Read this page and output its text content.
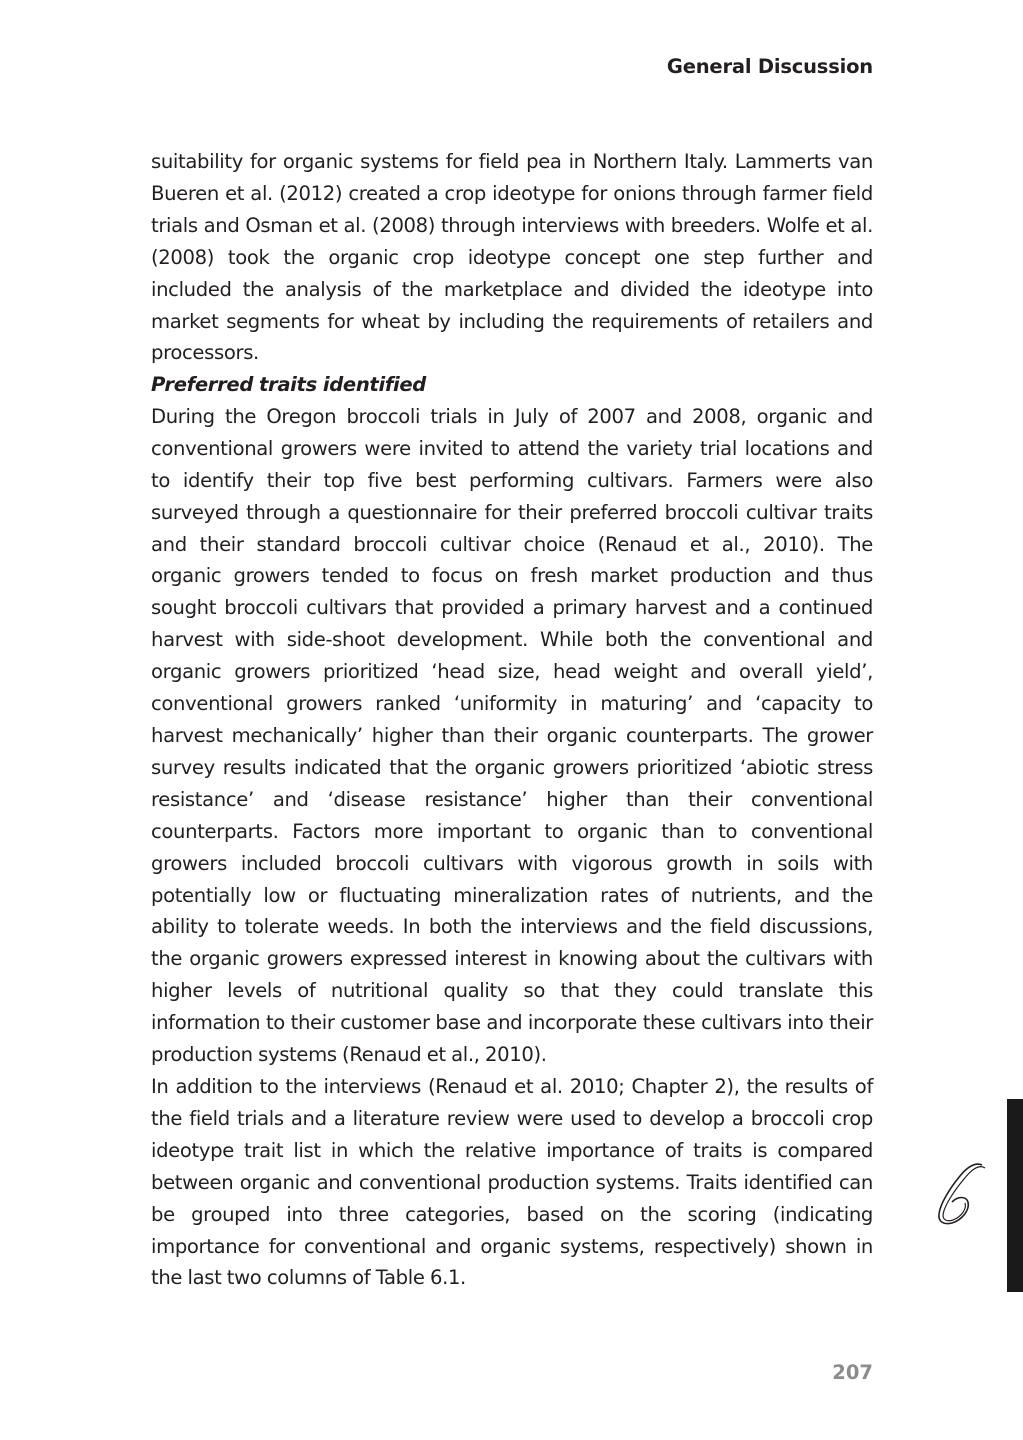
General Discussion

suitability for organic systems for field pea in Northern Italy. Lammerts van Bueren et al. (2012) created a crop ideotype for onions through farmer field trials and Osman et al. (2008) through interviews with breeders. Wolfe et al. (2008) took the organic crop ideotype concept one step further and included the analysis of the marketplace and divided the ideotype into market segments for wheat by including the requirements of retailers and processors.

Preferred traits identified

During the Oregon broccoli trials in July of 2007 and 2008, organic and conventional growers were invited to attend the variety trial locations and to identify their top five best performing cultivars. Farmers were also surveyed through a questionnaire for their preferred broccoli cultivar traits and their standard broccoli cultivar choice (Renaud et al., 2010). The organic growers tended to focus on fresh market production and thus sought broccoli cultivars that provided a primary harvest and a continued harvest with side-shoot development. While both the conventional and organic growers prioritized ‘head size, head weight and overall yield’, conventional growers ranked ‘uniformity in maturing’ and ‘capacity to harvest mechanically’ higher than their organic counterparts. The grower survey results indicated that the organic growers prioritized ‘abiotic stress resistance’ and ‘disease resistance’ higher than their conventional counterparts. Factors more important to organic than to conventional growers included broccoli cultivars with vigorous growth in soils with potentially low or fluctuating mineralization rates of nutrients, and the ability to tolerate weeds. In both the interviews and the field discussions, the organic growers expressed interest in knowing about the cultivars with higher levels of nutritional quality so that they could translate this information to their customer base and incorporate these cultivars into their production systems (Renaud et al., 2010).

In addition to the interviews (Renaud et al. 2010; Chapter 2), the results of the field trials and a literature review were used to develop a broccoli crop ideotype trait list in which the relative importance of traits is compared between organic and conventional production systems. Traits identified can be grouped into three categories, based on the scoring (indicating importance for conventional and organic systems, respectively) shown in the last two columns of Table 6.1.

207
